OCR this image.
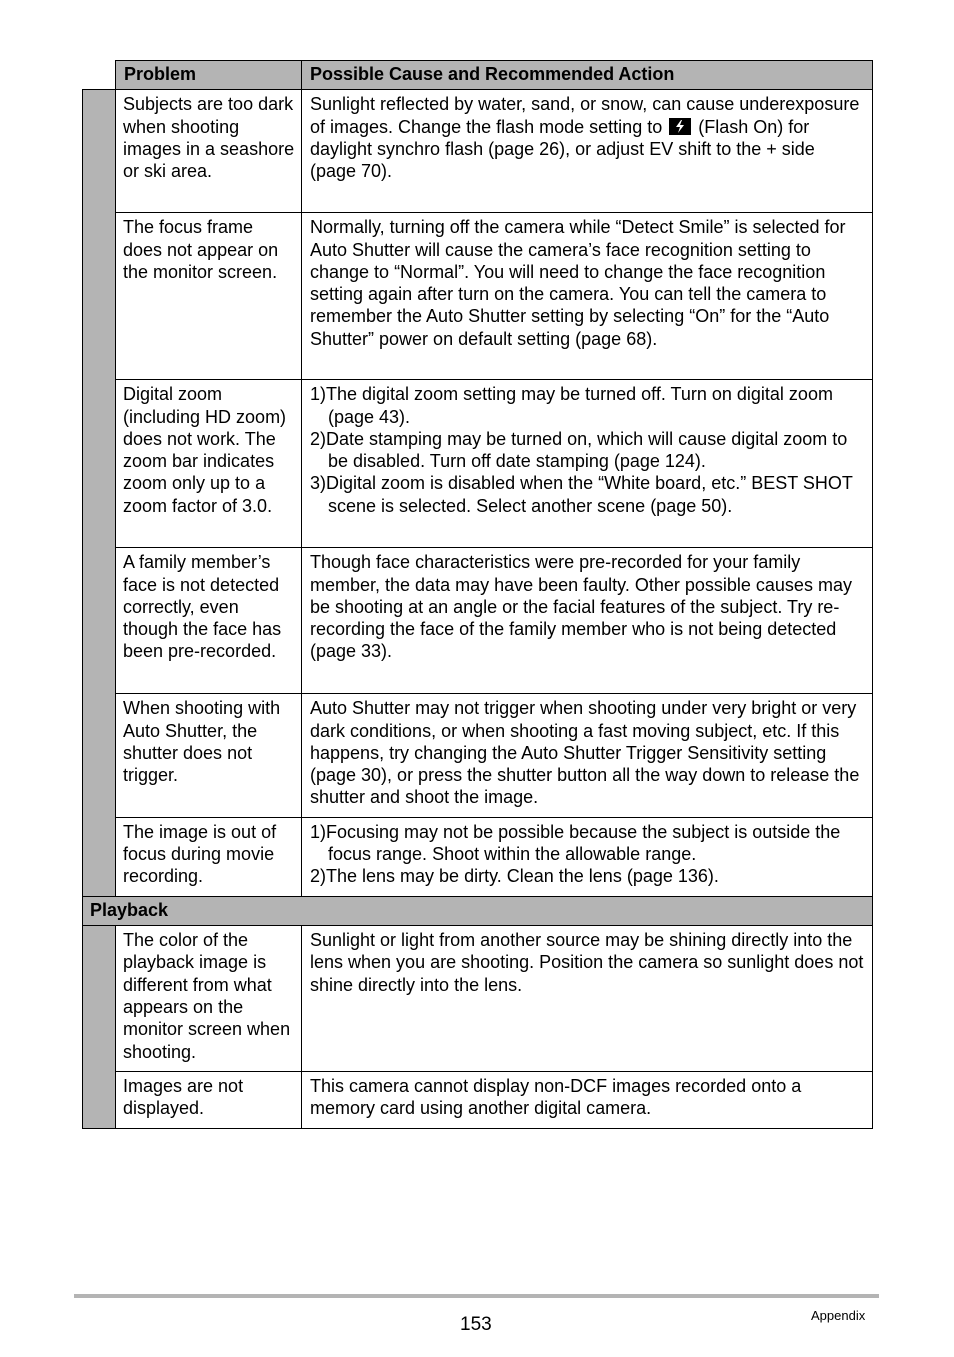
	Problem	Possible Cause and Recommended Action
	Subjects are too dark when shooting images in a seashore or ski area.	Sunlight reflected by water, sand, or snow, can cause underexposure of images. Change the flash mode setting to (Flash On) for daylight synchro flash (page 26), or adjust EV shift to the + side (page 70).
	The focus frame does not appear on the monitor screen.	Normally, turning off the camera while “Detect Smile” is selected for Auto Shutter will cause the camera’s face recognition setting to change to “Normal”. You will need to change the face recognition setting again after turn on the camera. You can tell the camera to remember the Auto Shutter setting by selecting “On” for the “Auto Shutter” power on default setting (page 68).
	Digital zoom (including HD zoom) does not work. The zoom bar indicates zoom only up to a zoom factor of 3.0.	1)The digital zoom setting may be turned off. Turn on digital zoom (page 43).
2)Date stamping may be turned on, which will cause digital zoom to be disabled. Turn off date stamping (page 124).
3)Digital zoom is disabled when the “White board, etc.” BEST SHOT scene is selected. Select another scene (page 50).

	A family member’s face is not detected correctly, even though the face has been pre-recorded.	Though face characteristics were pre-recorded for your family member, the data may have been faulty. Other possible causes may be shooting at an angle or the facial features of the subject. Try re-recording the face of the family member who is not being detected (page 33).
	When shooting with Auto Shutter, the shutter does not trigger.	Auto Shutter may not trigger when shooting under very bright or very dark conditions, or when shooting a fast moving subject, etc. If this happens, try changing the Auto Shutter Trigger Sensitivity setting (page 30), or press the shutter button all the way down to release the shutter and shoot the image.
	The image is out of focus during movie recording.	1)Focusing may not be possible because the subject is outside the focus range. Shoot within the allowable range.
2)The lens may be dirty. Clean the lens (page 136).

Playback		
	The color of the playback image is different from what appears on the monitor screen when shooting.	Sunlight or light from another source may be shining directly into the lens when you are shooting. Position the camera so sunlight does not shine directly into the lens.
	Images are not displayed.	This camera cannot display non-DCF images recorded onto a memory card using another digital camera.
153	Appendix
